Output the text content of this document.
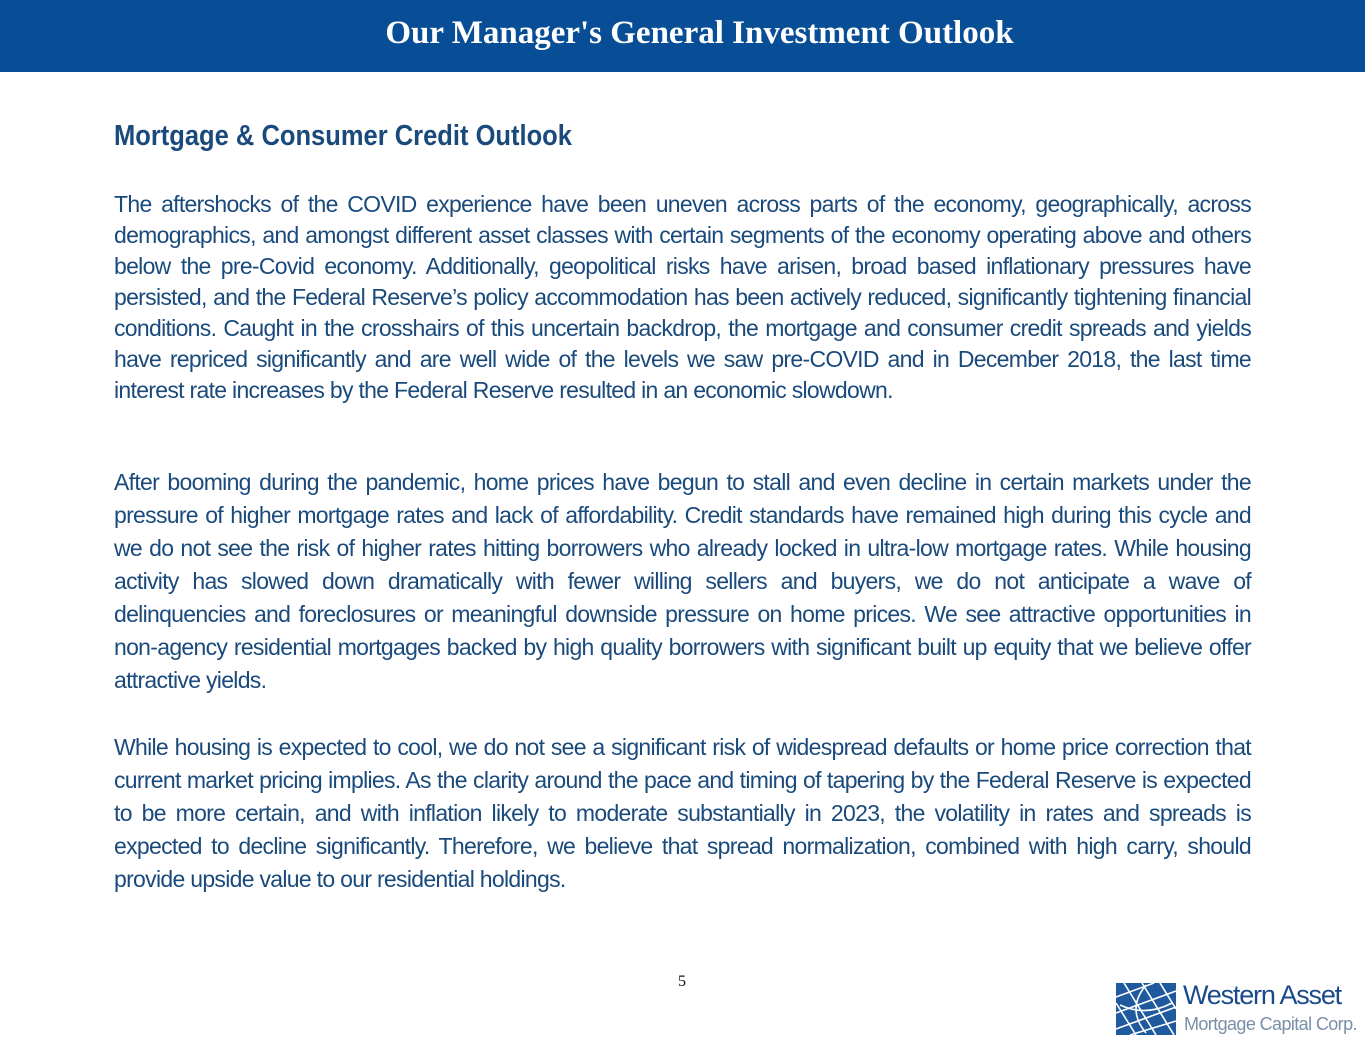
Our Manager's General Investment Outlook
Mortgage & Consumer Credit Outlook

The aftershocks of the COVID experience have been uneven across parts of the economy, geographically, across demographics, and amongst different asset classes with certain segments of the economy operating above and others below the pre-Covid economy. Additionally, geopolitical risks have arisen, broad based inflationary pressures have persisted, and the Federal Reserve’s policy accommodation has been actively reduced, significantly tightening financial conditions. Caught in the crosshairs of this uncertain backdrop, the mortgage and consumer credit spreads and yields have repriced significantly and are well wide of the levels we saw pre-COVID and in December 2018, the last time interest rate increases by the Federal Reserve resulted in an economic slowdown.

After booming during the pandemic, home prices have begun to stall and even decline in certain markets under the pressure of higher mortgage rates and lack of affordability. Credit standards have remained high during this cycle and we do not see the risk of higher rates hitting borrowers who already locked in ultra-low mortgage rates. While housing activity has slowed down dramatically with fewer willing sellers and buyers, we do not anticipate a wave of delinquencies and foreclosures or meaningful downside pressure on home prices. We see attractive opportunities in non-agency residential mortgages backed by high quality borrowers with significant built up equity that we believe offer attractive yields.

While housing is expected to cool, we do not see a significant risk of widespread defaults or home price correction that current market pricing implies. As the clarity around the pace and timing of tapering by the Federal Reserve is expected to be more certain, and with inflation likely to moderate substantially in 2023, the volatility in rates and spreads is expected to decline significantly. Therefore, we believe that spread normalization, combined with high carry, should provide upside value to our residential holdings.

5	Western Asset
Mortgage Capital Corp.
